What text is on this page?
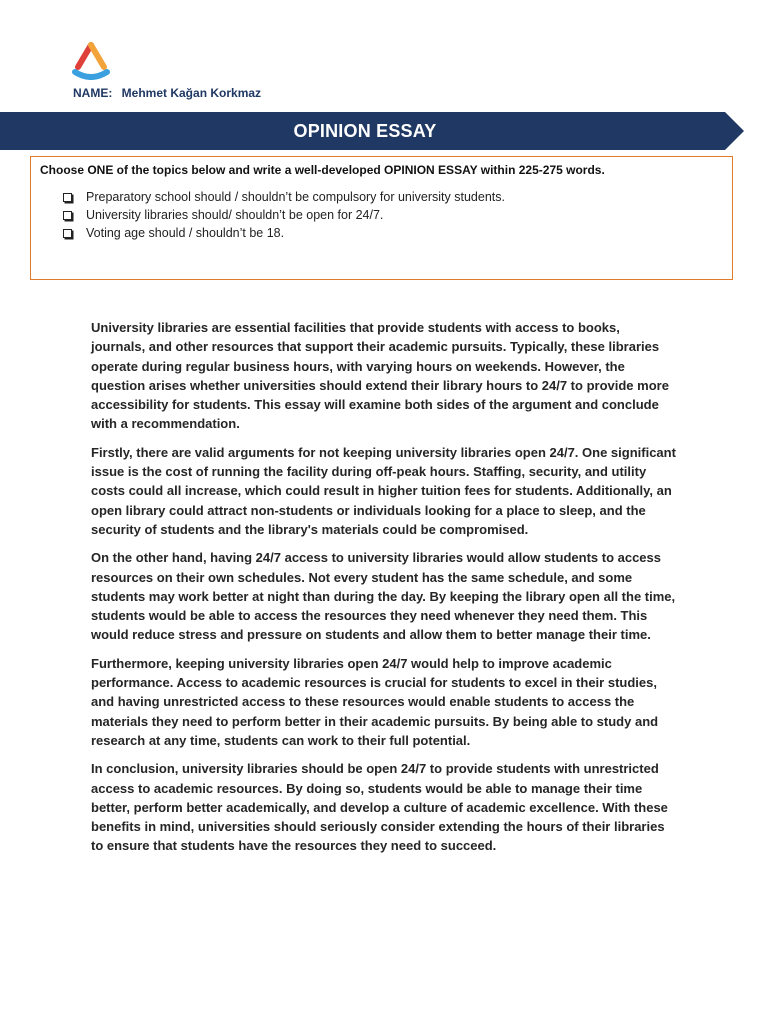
NAME: Mehmet Kağan Korkmaz
OPINION ESSAY
Choose ONE of the topics below and write a well-developed OPINION ESSAY within 225-275 words.
Preparatory school should / shouldn’t be compulsory for university students.
University libraries should/ shouldn’t be open for 24/7.
Voting age should / shouldn’t be 18.

University libraries are essential facilities that provide students with access to books, journals, and other resources that support their academic pursuits. Typically, these libraries operate during regular business hours, with varying hours on weekends. However, the question arises whether universities should extend their library hours to 24/7 to provide more accessibility for students. This essay will examine both sides of the argument and conclude with a recommendation.

Firstly, there are valid arguments for not keeping university libraries open 24/7. One significant issue is the cost of running the facility during off-peak hours. Staffing, security, and utility costs could all increase, which could result in higher tuition fees for students. Additionally, an open library could attract non-students or individuals looking for a place to sleep, and the security of students and the library's materials could be compromised.

On the other hand, having 24/7 access to university libraries would allow students to access resources on their own schedules. Not every student has the same schedule, and some students may work better at night than during the day. By keeping the library open all the time, students would be able to access the resources they need whenever they need them. This would reduce stress and pressure on students and allow them to better manage their time.

Furthermore, keeping university libraries open 24/7 would help to improve academic performance. Access to academic resources is crucial for students to excel in their studies, and having unrestricted access to these resources would enable students to access the materials they need to perform better in their academic pursuits. By being able to study and research at any time, students can work to their full potential.

In conclusion, university libraries should be open 24/7 to provide students with unrestricted access to academic resources. By doing so, students would be able to manage their time better, perform better academically, and develop a culture of academic excellence. With these benefits in mind, universities should seriously consider extending the hours of their libraries to ensure that students have the resources they need to succeed.
